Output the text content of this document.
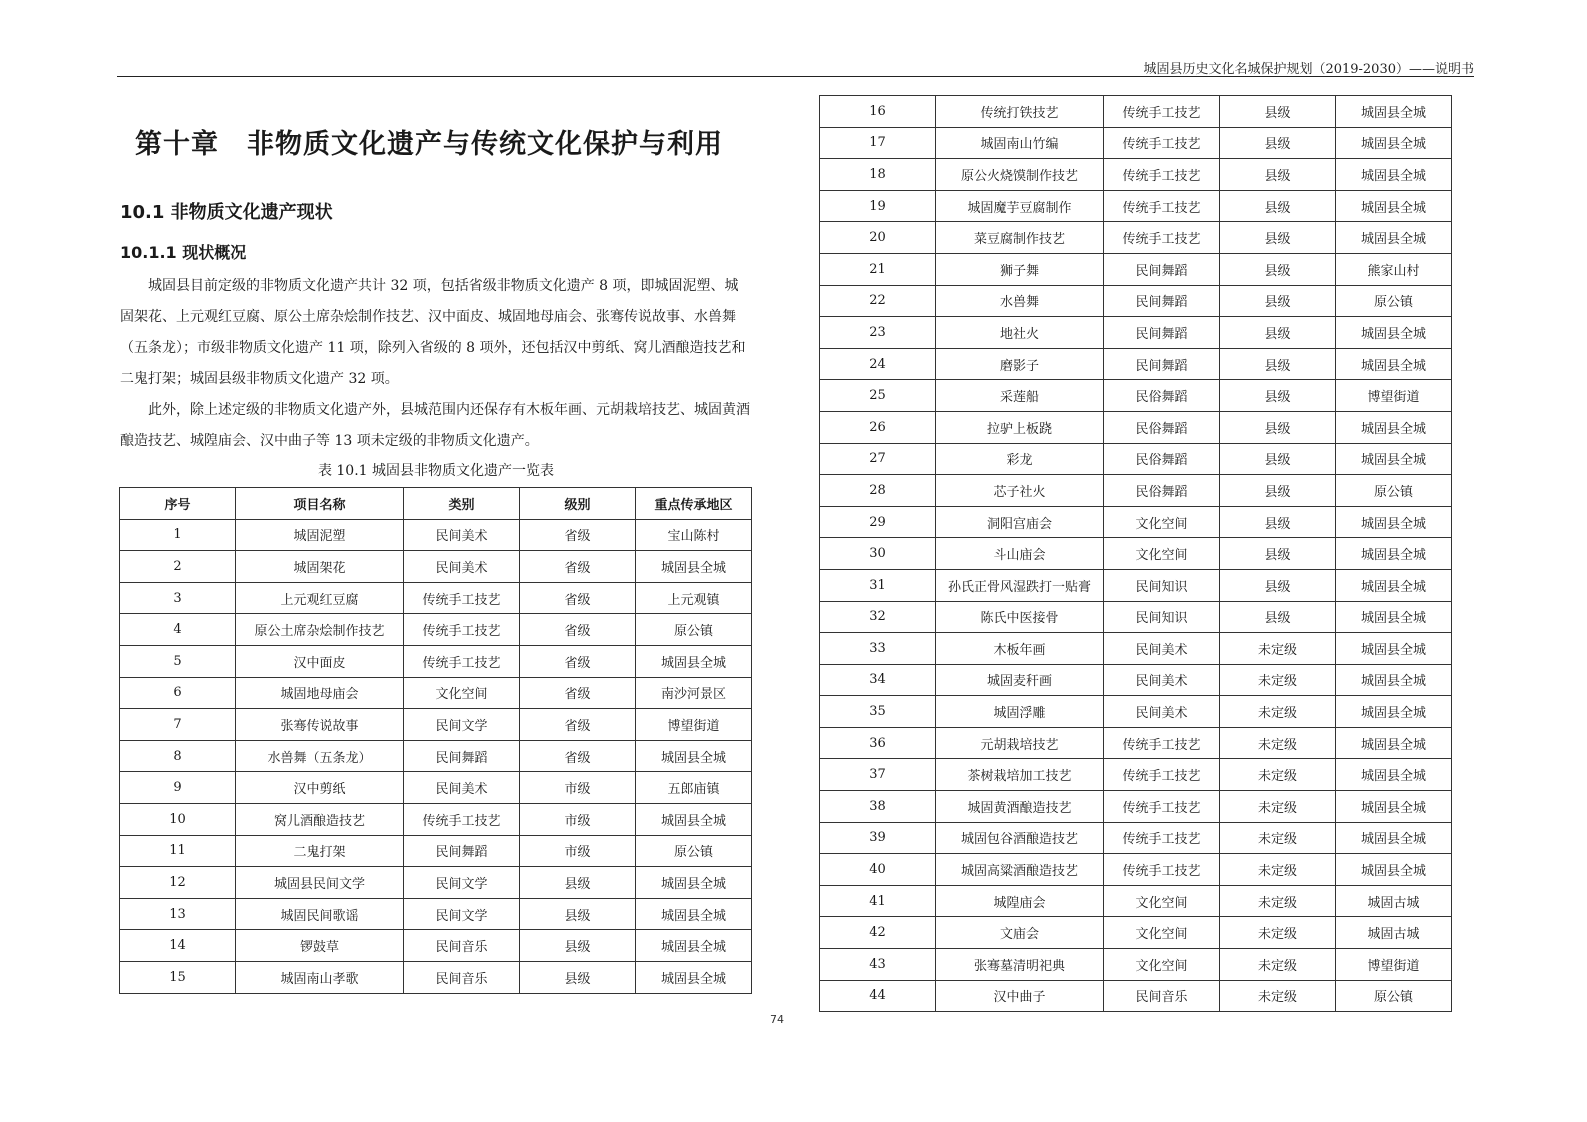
城固县历史文化名城保护规划（2019-2030）——说明书
第十章　非物质文化遗产与传统文化保护与利用
10.1 非物质文化遗产现状
10.1.1 现状概况

城固县目前定级的非物质文化遗产共计 32 项，包括省级非物质文化遗产 8 项，即城固泥塑、城固架花、上元观红豆腐、原公土席杂烩制作技艺、汉中面皮、城固地母庙会、张骞传说故事、水兽舞（五条龙）；市级非物质文化遗产 11 项，除列入省级的 8 项外，还包括汉中剪纸、窝儿酒酿造技艺和二鬼打架；城固县级非物质文化遗产 32 项。

此外，除上述定级的非物质文化遗产外，县城范围内还保存有木板年画、元胡栽培技艺、城固黄酒酿造技艺、城隍庙会、汉中曲子等 13 项未定级的非物质文化遗产。

表 10.1 城固县非物质文化遗产一览表
序号	项目名称	类别	级别	重点传承地区
1	城固泥塑	民间美术	省级	宝山陈村
2	城固架花	民间美术	省级	城固县全城
3	上元观红豆腐	传统手工技艺	省级	上元观镇
4	原公土席杂烩制作技艺	传统手工技艺	省级	原公镇
5	汉中面皮	传统手工技艺	省级	城固县全城
6	城固地母庙会	文化空间	省级	南沙河景区
7	张骞传说故事	民间文学	省级	博望街道
8	水兽舞（五条龙）	民间舞蹈	省级	城固县全城
9	汉中剪纸	民间美术	市级	五郎庙镇
10	窝儿酒酿造技艺	传统手工技艺	市级	城固县全城
11	二鬼打架	民间舞蹈	市级	原公镇
12	城固县民间文学	民间文学	县级	城固县全城
13	城固民间歌谣	民间文学	县级	城固县全城
14	锣鼓草	民间音乐	县级	城固县全城
15	城固南山孝歌	民间音乐	县级	城固县全城
16	传统打铁技艺	传统手工技艺	县级	城固县全城
17	城固南山竹编	传统手工技艺	县级	城固县全城
18	原公火烧馍制作技艺	传统手工技艺	县级	城固县全城
19	城固魔芋豆腐制作	传统手工技艺	县级	城固县全城
20	菜豆腐制作技艺	传统手工技艺	县级	城固县全城
21	狮子舞	民间舞蹈	县级	熊家山村
22	水兽舞	民间舞蹈	县级	原公镇
23	地社火	民间舞蹈	县级	城固县全城
24	磨影子	民间舞蹈	县级	城固县全城
25	采莲船	民俗舞蹈	县级	博望街道
26	拉驴上板跷	民俗舞蹈	县级	城固县全城
27	彩龙	民俗舞蹈	县级	城固县全城
28	芯子社火	民俗舞蹈	县级	原公镇
29	洞阳宫庙会	文化空间	县级	城固县全城
30	斗山庙会	文化空间	县级	城固县全城
31	孙氏正骨风湿跌打一贴膏	民间知识	县级	城固县全城
32	陈氏中医接骨	民间知识	县级	城固县全城
33	木板年画	民间美术	未定级	城固县全城
34	城固麦秆画	民间美术	未定级	城固县全城
35	城固浮雕	民间美术	未定级	城固县全城
36	元胡栽培技艺	传统手工技艺	未定级	城固县全城
37	茶树栽培加工技艺	传统手工技艺	未定级	城固县全城
38	城固黄酒酿造技艺	传统手工技艺	未定级	城固县全城
39	城固包谷酒酿造技艺	传统手工技艺	未定级	城固县全城
40	城固高粱酒酿造技艺	传统手工技艺	未定级	城固县全城
41	城隍庙会	文化空间	未定级	城固古城
42	文庙会	文化空间	未定级	城固古城
43	张骞墓清明祀典	文化空间	未定级	博望街道
44	汉中曲子	民间音乐	未定级	原公镇
74
